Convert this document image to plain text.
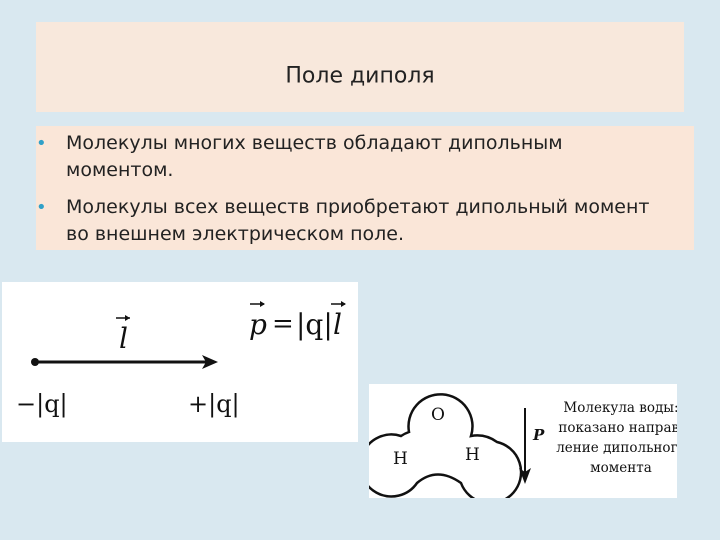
Поле диполя
•	Молекулы многих веществ обладают дипольным моментом.
•	Молекулы всех веществ приобретают дипольный момент во внешнем электрическом поле.
l
−|q|	+|q|
p = |q| l
O
H	H
P
Молекула воды:
показано направ-
ление дипольного
момента
